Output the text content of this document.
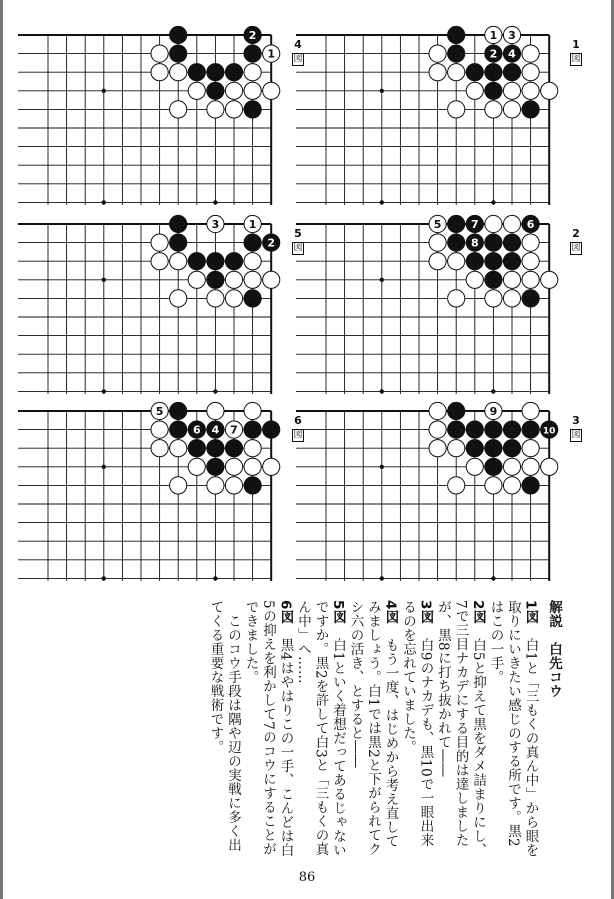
2
1
4
図
1 3
2 4
1
図
3	1
2
5
図
5	7	6
8
2
図
5
6 4 7
6
図
9
10
3
図

解説　白先コウ

1図　白1と「三もくの真ん中」から眼を取りにいきたい感じのする所です。黒2はこの一手。

2図　白5と抑えて黒をダメ詰まりにし、7で三目ナカデにする目的は達しましたが、黒8に打ち抜かれて――

3図　白9のナカデも、黒10で一眼出来るのを忘れていました。

4図　もう一度、はじめから考え直してみましょう。白1では黒2と下がられてクシ六の活き、とすると――

5図　白1といく着想だってあるじゃないですか。黒2を許して白3と「三もくの真ん中」へ……

6図　黒4はやはりこの一手、こんどは白5の抑えを利かして7のコウにすることができました。

　このコウ手段は隅や辺の実戦に多く出てくる重要な戦術です。

86
